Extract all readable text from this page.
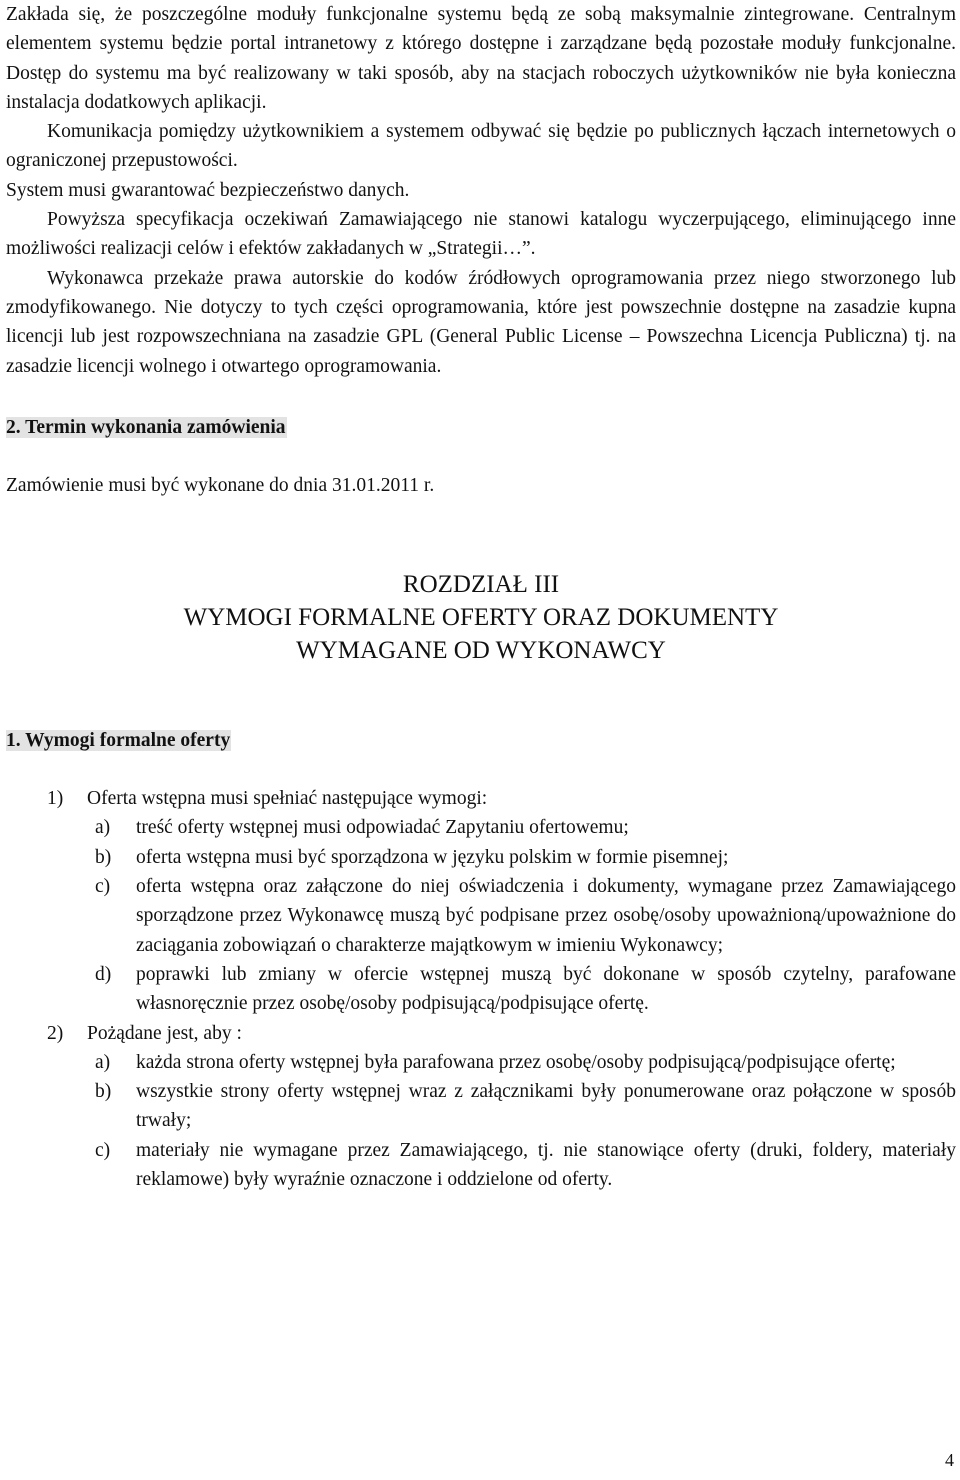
Zakłada się, że poszczególne moduły funkcjonalne systemu będą ze sobą maksymalnie zintegrowane. Centralnym elementem systemu będzie portal intranetowy z którego dostępne i zarządzane będą pozostałe moduły funkcjonalne. Dostęp do systemu ma być realizowany w taki sposób, aby na stacjach roboczych użytkowników nie była konieczna instalacja dodatkowych aplikacji.

Komunikacja pomiędzy użytkownikiem a systemem odbywać się będzie po publicznych łączach internetowych o ograniczonej przepustowości.

System musi gwarantować bezpieczeństwo danych.

Powyższa specyfikacja oczekiwań Zamawiającego nie stanowi katalogu wyczerpującego, eliminującego inne możliwości realizacji celów i efektów zakładanych w „Strategii…”.

Wykonawca przekaże prawa autorskie do kodów źródłowych oprogramowania przez niego stworzonego lub zmodyfikowanego. Nie dotyczy to tych części oprogramowania, które jest powszechnie dostępne na zasadzie kupna licencji lub jest rozpowszechniana na zasadzie GPL (General Public License – Powszechna Licencja Publiczna) tj. na zasadzie licencji wolnego i otwartego oprogramowania.

2. Termin wykonania zamówienia

Zamówienie musi być wykonane do dnia 31.01.2011 r.

ROZDZIAŁ III

WYMOGI FORMALNE OFERTY ORAZ DOKUMENTY

WYMAGANE OD WYKONAWCY

1. Wymogi formalne oferty

1)	Oferta wstępna musi spełniać następujące wymogi:
a)	treść oferty wstępnej musi odpowiadać Zapytaniu ofertowemu;
b)	oferta wstępna musi być sporządzona w języku polskim w formie pisemnej;
c)	oferta wstępna oraz załączone do niej oświadczenia i dokumenty, wymagane przez Zamawiającego sporządzone przez Wykonawcę muszą być podpisane przez osobę/osoby upoważnioną/upoważnione do zaciągania zobowiązań o charakterze majątkowym w imieniu Wykonawcy;
d)	poprawki lub zmiany w ofercie wstępnej muszą być dokonane w sposób czytelny, parafowane własnoręcznie przez osobę/osoby podpisującą/podpisujące ofertę.
2)	Pożądane jest, aby :
a)	każda strona oferty wstępnej była parafowana przez osobę/osoby podpisującą/podpisujące ofertę;
b)	wszystkie strony oferty wstępnej wraz z załącznikami były ponumerowane oraz połączone w sposób trwały;
c)	materiały nie wymagane przez Zamawiającego, tj. nie stanowiące oferty (druki, foldery, materiały reklamowe) były wyraźnie oznaczone i oddzielone od oferty.
4
